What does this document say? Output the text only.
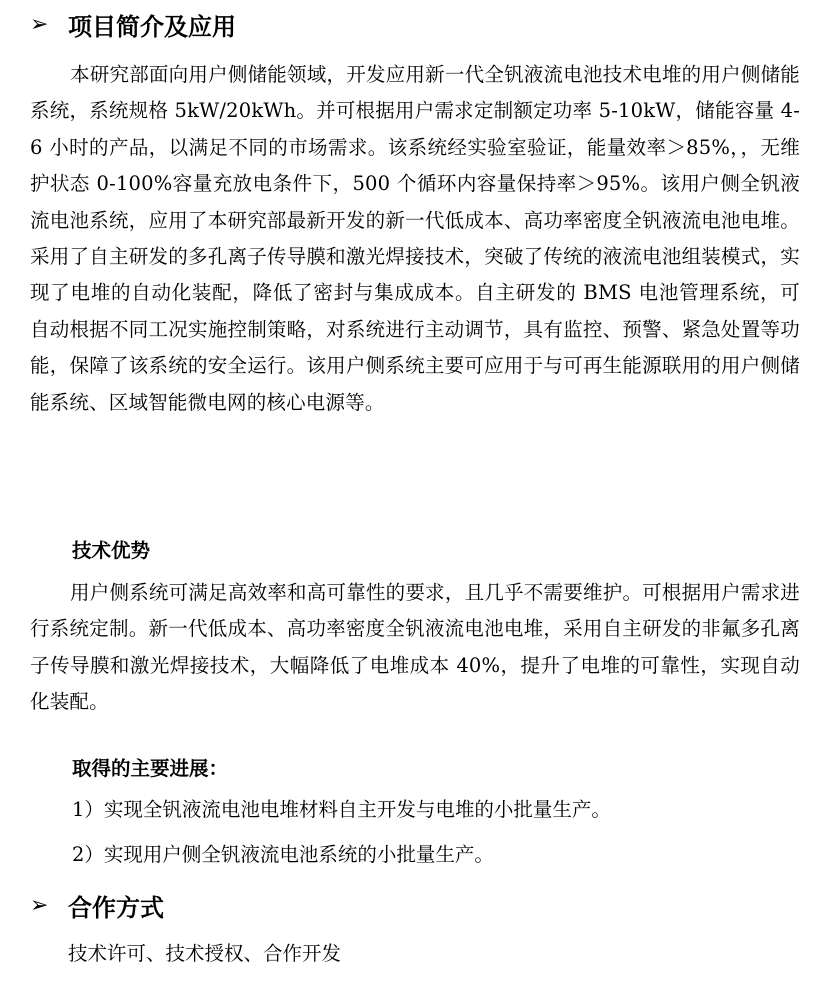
➢ 项目简介及应用
本研究部面向用户侧储能领域，开发应用新一代全钒液流电池技术电堆的用户侧储能系统，系统规格 5kW/20kWh。并可根据用户需求定制额定功率 5-10kW，储能容量 4-6 小时的产品，以满足不同的市场需求。该系统经实验室验证，能量效率＞85%，，无维护状态 0-100%容量充放电条件下，500 个循环内容量保持率＞95%。该用户侧全钒液流电池系统，应用了本研究部最新开发的新一代低成本、高功率密度全钒液流电池电堆。采用了自主研发的多孔离子传导膜和激光焊接技术，突破了传统的液流电池组装模式，实现了电堆的自动化装配，降低了密封与集成成本。自主研发的 BMS 电池管理系统，可自动根据不同工况实施控制策略，对系统进行主动调节，具有监控、预警、紧急处置等功能，保障了该系统的安全运行。该用户侧系统主要可应用于与可再生能源联用的用户侧储能系统、区域智能微电网的核心电源等。
技术优势
用户侧系统可满足高效率和高可靠性的要求，且几乎不需要维护。可根据用户需求进行系统定制。新一代低成本、高功率密度全钒液流电池电堆，采用自主研发的非氟多孔离子传导膜和激光焊接技术，大幅降低了电堆成本 40%，提升了电堆的可靠性，实现自动化装配。
取得的主要进展：
1）实现全钒液流电池电堆材料自主开发与电堆的小批量生产。
2）实现用户侧全钒液流电池系统的小批量生产。
➢ 合作方式
技术许可、技术授权、合作开发
